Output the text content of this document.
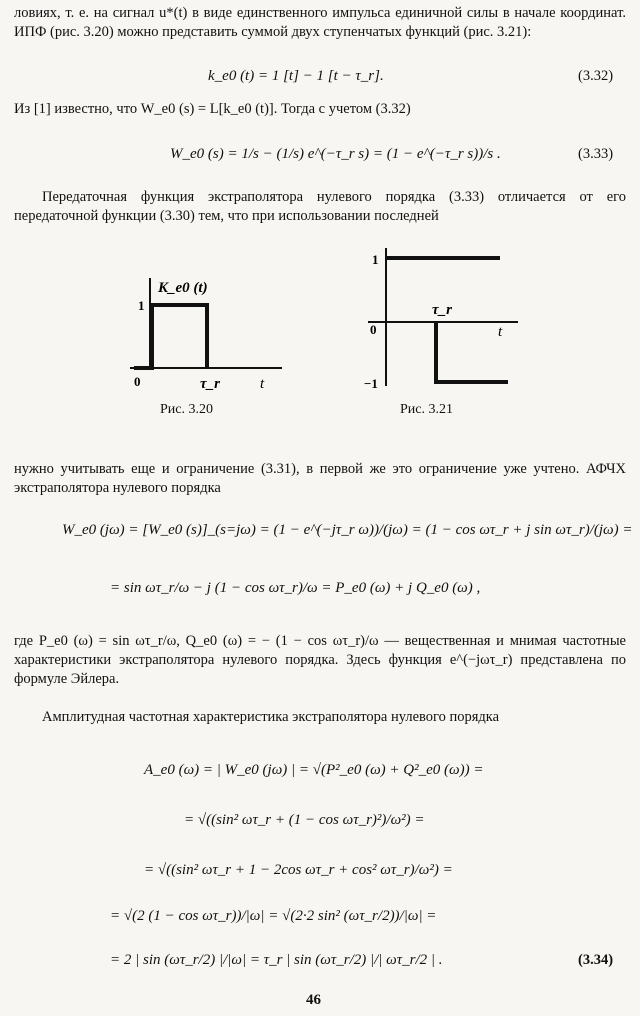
ловиях, т. е. на сигнал u*(t) в виде единственного импульса единичной силы в начале координат. ИПФ (рис. 3.20) можно представить суммой двух ступенчатых функций (рис. 3.21):
k_e0 (t) = 1 [t] − 1 [t − τ_r].	(3.32)
Из [1] известно, что W_e0 (s) = L[k_e0 (t)]. Тогда с учетом (3.32)
W_e0 (s) = 1/s − (1/s) e^(−τ_r s) = (1 − e^(−τ_r s))/s .	(3.33)
Передаточная функция экстраполятора нулевого порядка (3.33) отличается от его передаточной функции (3.30) тем, что при использовании последней
K_e0 (t)
1
0	τ_r	t
Рис. 3.20
1
0
−1
τ_r
t
Рис. 3.21
нужно учитывать еще и ограничение (3.31), в первой же это ограничение уже учтено. АФЧХ экстраполятора нулевого порядка
W_e0 (jω) = [W_e0 (s)]_(s=jω) = (1 − e^(−jτ_r ω))/(jω) = (1 − cos ωτ_r + j sin ωτ_r)/(jω) =
= sin ωτ_r/ω − j (1 − cos ωτ_r)/ω = P_e0 (ω) + j Q_e0 (ω) ,
где P_e0 (ω) = sin ωτ_r/ω, Q_e0 (ω) = − (1 − cos ωτ_r)/ω — вещественная и мнимая частотные характеристики экстраполятора нулевого порядка. Здесь функция e^(−jωτ_r) представлена по формуле Эйлера.
Амплитудная частотная характеристика экстраполятора нулевого порядка
A_e0 (ω) = | W_e0 (jω) | = √(P²_e0 (ω) + Q²_e0 (ω)) =
= √((sin² ωτ_r + (1 − cos ωτ_r)²)/ω²) =
= √((sin² ωτ_r + 1 − 2cos ωτ_r + cos² ωτ_r)/ω²) =
= √(2 (1 − cos ωτ_r))/|ω| = √(2·2 sin² (ωτ_r/2))/|ω| =
= 2 | sin (ωτ_r/2) |/|ω| = τ_r | sin (ωτ_r/2) |/| ωτ_r/2 | .	(3.34)
46
